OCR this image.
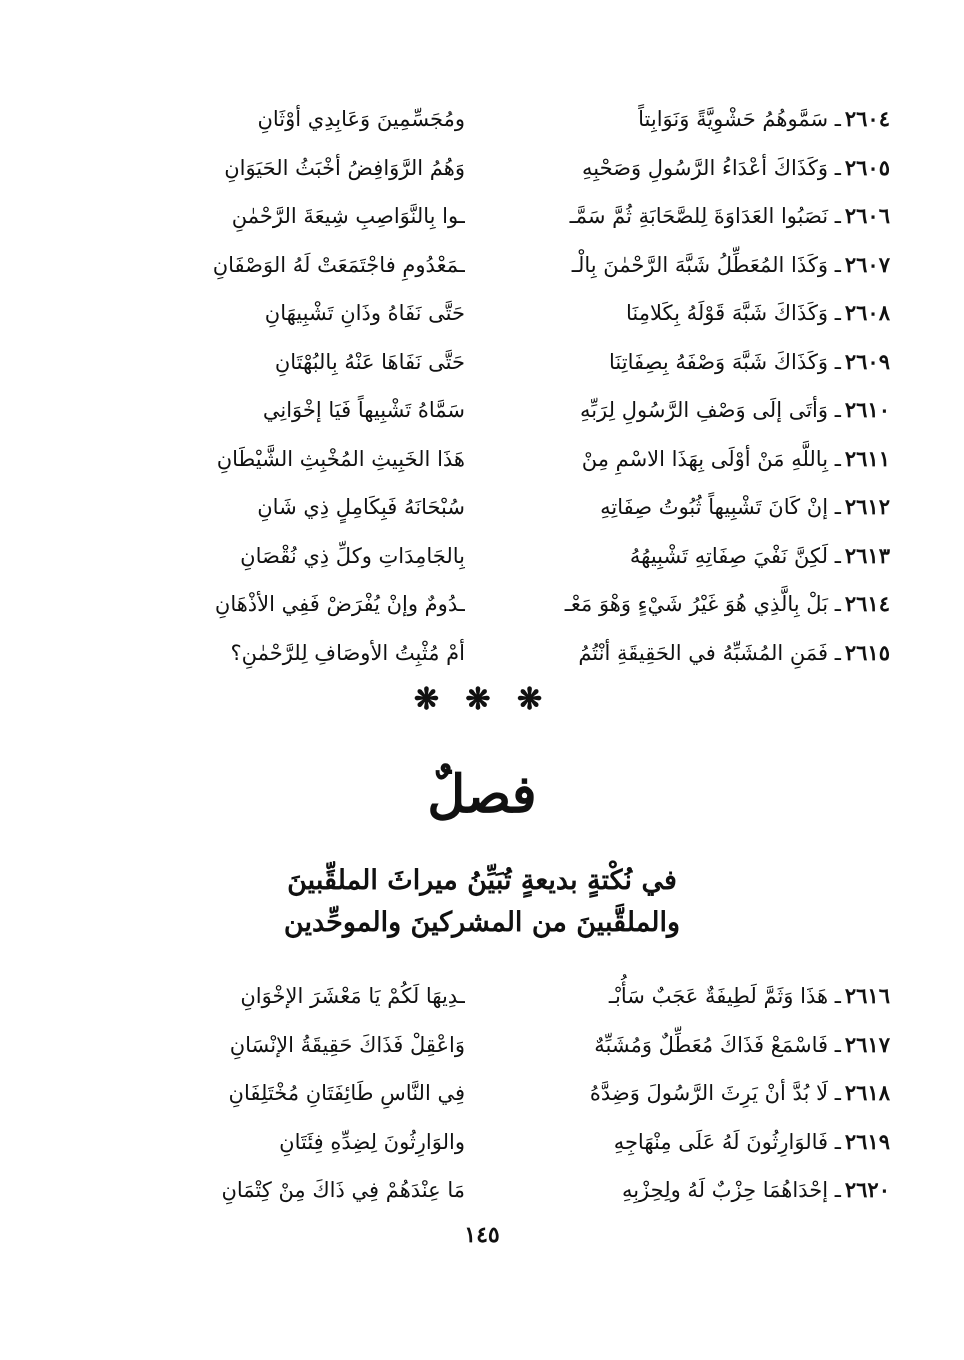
٢٦٠٤ـ سَمَّوهُمُ حَشْوِيَّةً وَنَوَابِتاً
ومُجَسِّمِينَ وَعَابِدِي أوْثَانِ
٢٦٠٥ـ وَكَذَاكَ أعْدَاءُ الرَّسُولِ وَصَحْبِهِ
وَهُمُ الرَّوَافِضُ أخْبَثُ الحَيَوَانِ
٢٦٠٦ـ نَصَبُوا العَدَاوَةَ لِلصَّحَابَةِ ثُمَّ سَمَّـ
ـوا بِالنَّوَاصِبِ شِيعَةَ الرَّحْمٰنِ
٢٦٠٧ـ وَكَذَا المُعَطِّلُ شَبَّهَ الرَّحْمٰنَ بِالْـ
ـمَعْدُومِ فاجْتَمَعَتْ لَهُ الوَصْفَانِ
٢٦٠٨ـ وَكَذَاكَ شَبَّهَ قَوْلَهُ بِكَلامِنَا
حَتَّى نَفَاهُ وذَانِ تَشْبِيهَانِ
٢٦٠٩ـ وَكَذَاكَ شَبَّهَ وَصْفَهُ بِصِفَاتِنَا
حَتَّى نَفَاهَا عَنْهُ بِالبُهْتَانِ
٢٦١٠ـ وَأتَى إلَى وَصْفِ الرَّسُولِ لِرَبِّهِ
سَمَّاهُ تَشْبِيهاً فَيَا إخْوَانِي
٢٦١١ـ بِاللَّهِ مَنْ أوْلَى بِهَذَا الاسْمِ مِنْ
هَذَا الخَبِيثِ المُخْبِثِ الشَّيْطَانِ
٢٦١٢ـ إنْ كَانَ تَشْبِيهاً ثُبُوتُ صِفَاتِهِ
سُبْحَانَهُ فَبِكَامِلٍ ذِي شَانِ
٢٦١٣ـ لَكِنَّ نَفْيَ صِفَاتِهِ تَشْبِيهُهُ
بِالجَامِدَاتِ وكلِّ ذِي نُقْصَانِ
٢٦١٤ـ بَلْ بِالَّذِي هُوَ غَيْرُ شَيْءٍ وَهْوَ مَعْـ
ـدُومٌ وإنْ يُفْرَضْ فَفِي الأذْهَانِ
٢٦١٥ـ فَمَنِ المُشَبِّهُ في الحَقِيقَةِ أنْتُمُ
أمْ مُثْبِتُ الأوصَافِ لِلرَّحْمٰنِ؟
❋ ❋ ❋
فصلٌ
في نُكْتةٍ بديعةٍ تُبَيِّنُ ميراثَ الملقِّبينَ
والملقَّبينَ من المشركينَ والموحِّدين
٢٦١٦ـ هَذَا وَثَمَّ لَطِيفَةٌ عَجَبٌ سَأُبْـ
ـدِيهَا لَكُمْ يَا مَعْشَرَ الإخْوَانِ
٢٦١٧ـ فَاسْمَعْ فَذَاكَ مُعَطِّلٌ وَمُشَبِّهٌ
وَاعْقِلْ فَذَاكَ حَقِيقَةُ الإنْسَانِ
٢٦١٨ـ لَا بُدَّ أنْ يَرِثَ الرَّسُولَ وَضِدَّهُ
فِي النَّاسِ طَائِفَتَانِ مُخْتَلِفَانِ
٢٦١٩ـ فَالوَارِثُونَ لَهُ عَلَى مِنْهَاجِهِ
والوَارِثُونَ لِضِدِّهِ فِئَتَانِ
٢٦٢٠ـ إحْدَاهُمَا حِزْبٌ لَهُ ولِحِزْبِهِ
مَا عِنْدَهُمْ فِي ذَاكَ مِنْ كِتْمَانِ
١٤٥
